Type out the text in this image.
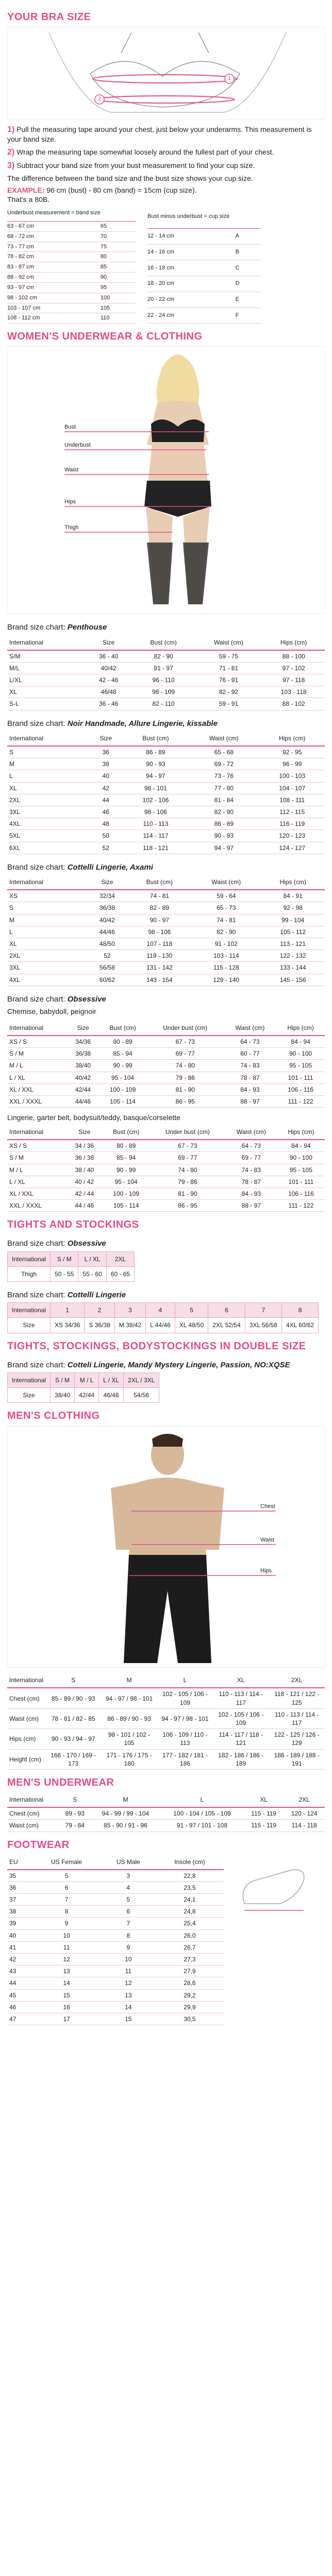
YOUR BRA SIZE
1
2

1) Pull the measuring tape around your chest, just below your underarms. This measurement is your band size.

2) Wrap the measuring tape somewhat loosely around the fullest part of your chest.

3) Subtract your band size from your bust measurement to find your cup size.

The difference between the band size and the bust size shows your cup size.

EXAMPLE: 96 cm (bust) - 80 cm (band) = 15cm (cup size).
That's a 80B.
Underbust measurement = band size	
63 - 67 cm	65
68 - 72 cm	70
73 - 77 cm	75
78 - 82 cm	80
83 - 87 cm	85
88 - 92 cm	90
93 - 97 cm	95
98 - 102 cm	100
103 - 107 cm	105
108 - 112 cm	110
Bust minus underbust = cup size	
12 - 14 cm	A
14 - 16 cm	B
16 - 18 cm	C
18 - 20 cm	D
20 - 22 cm	E
22 - 24 cm	F
WOMEN'S UNDERWEAR & CLOTHING
Bust
Underbust
Waist
Hips
Thigh
Brand size chart: Penthouse
International	Size	Bust (cm)	Waist (cm)	Hips (cm)
S/M	36 - 40	82 - 90	59 - 75	88 - 100
M/L	40/42	91 - 97	71 - 81	97 - 102
L/XL	42 - 46	96 - 110	76 - 91	97 - 118
XL	46/48	98 - 109	82 - 92	103 - 118
S-L	36 - 46	82 - 110	59 - 91	88 - 102
Brand size chart: Noir Handmade, Allure Lingerie, kissable
International	Size	Bust (cm)	Waist (cm)	Hips (cm)
S	36	86 - 89	65 - 68	92 - 95
M	38	90 - 93	69 - 72	96 - 99
L	40	94 - 97	73 - 76	100 - 103
XL	42	98 - 101	77 - 80	104 - 107
2XL	44	102 - 106	81 - 84	108 - 111
3XL	46	98 - 106	82 - 90	112 - 115
4XL	48	110 - 113	86 - 89	116 - 119
5XL	50	114 - 117	90 - 93	120 - 123
6XL	52	118 - 121	94 - 97	124 - 127
Brand size chart: Cottelli Lingerie, Axami
International	Size	Bust (cm)	Waist (cm)	Hips (cm)
XS	32/34	74 - 81	59 - 64	84 - 91
S	36/38	82 - 89	65 - 73	92 - 98
M	40/42	90 - 97	74 - 81	99 - 104
L	44/46	98 - 106	82 - 90	105 - 112
XL	48/50	107 - 118	91 - 102	113 - 121
2XL	52	119 - 130	103 - 114	122 - 132
3XL	56/58	131 - 142	115 - 128	133 - 144
4XL	60/62	143 - 154	129 - 140	145 - 156
Brand size chart: Obsessive
Chemise, babydoll, peignoir
International	Size	Bust (cm)	Under bust (cm)	Waist (cm)	Hips (cm)
XS / S	34/36	80 - 89	67 - 73	64 - 73	84 - 94
S / M	36/38	85 - 94	69 - 77	60 - 77	90 - 100
M / L	38/40	90 - 99	74 - 80	74 - 83	95 - 105
L / XL	40/42	95 - 104	79 - 86	78 - 87	101 - 111
XL / XXL	42/44	100 - 109	81 - 90	84 - 93	106 - 116
XXL / XXXL	44/46	105 - 114	86 - 95	88 - 97	111 - 122
Lingerie, garter belt, bodysuit/teddy, basque/corselette
International	Size	Bust (cm)	Under bust (cm)	Waist (cm)	Hips (cm)
XS / S	34 / 36	80 - 89	67 - 73	64 - 73	84 - 94
S / M	36 / 38	85 - 94	69 - 77	69 - 77	90 - 100
M / L	38 / 40	90 - 99	74 - 80	74 - 83	95 - 105
L / XL	40 / 42	95 - 104	79 - 86	78 - 87	101 - 111
XL / XXL	42 / 44	100 - 109	81 - 90	84 - 93	106 - 116
XXL / XXXL	44 / 46	105 - 114	86 - 95	88 - 97	111 - 122
TIGHTS AND STOCKINGS
Brand size chart: Obsessive
International	S / M	L / XL	2XL
Thigh	50 - 55	55 - 60	60 - 65
Brand size chart: Cottelli Lingerie
International	1	2	3	4	5	6	7	8
Size	XS 34/36	S 36/38	M 38/42	L 44/46	XL 48/50	2XL 52/54	3XL 56/58	4XL 60/62
TIGHTS, STOCKINGS, BODYSTOCKINGS IN DOUBLE SIZE
Brand size chart: Cotteli Lingerie, Mandy Mystery Lingerie, Passion, NO:XQSE
International	S / M	M / L	L / XL	2XL / 3XL
Size	38/40	42/44	46/48	54/56
MEN'S CLOTHING
Chest
Waist
Hips
International	S	M	L	XL	2XL
Chest (cm)	85 - 89 / 90 - 93	94 - 97 / 98 - 101	102 - 105 / 106 - 109	110 - 113 / 114 - 117	118 - 121 / 122 - 125
Waist (cm)	78 - 81 / 82 - 85	86 - 89 / 90 - 93	94 - 97 / 98 - 101	102 - 105 / 106 - 109	110 - 113 / 114 - 117
Hips (cm)	90 - 93 / 94 - 97	98 - 101 / 102 - 105	106 - 109 / 110 - 113	114 - 117 / 118 - 121	122 - 125 / 126 - 129
Height (cm)	166 - 170 / 169 - 173	171 - 176 / 175 - 180	177 - 182 / 181 - 186	182 - 186 / 186 - 189	186 - 189 / 188 - 191
MEN'S UNDERWEAR
International	S	M	L	XL	2XL
Chest (cm)	89 - 93	94 - 99 / 99 - 104	100 - 104 / 105 - 109	115 - 119	120 - 124
Waist (cm)	79 - 84	85 - 90 / 91 - 96	91 - 97 / 101 - 108	115 - 119	114 - 118
FOOTWEAR
EU	US Female	US Male	Insole (cm)
35	5	3	22,8
36	6	4	23,5
37	7	5	24,1
38	8	6	24,8
39	9	7	25,4
40	10	8	26,0
41	11	9	26,7
42	12	10	27,3
43	13	11	27,9
44	14	12	28,6
45	15	13	29,2
46	16	14	29,9
47	17	15	30,5
